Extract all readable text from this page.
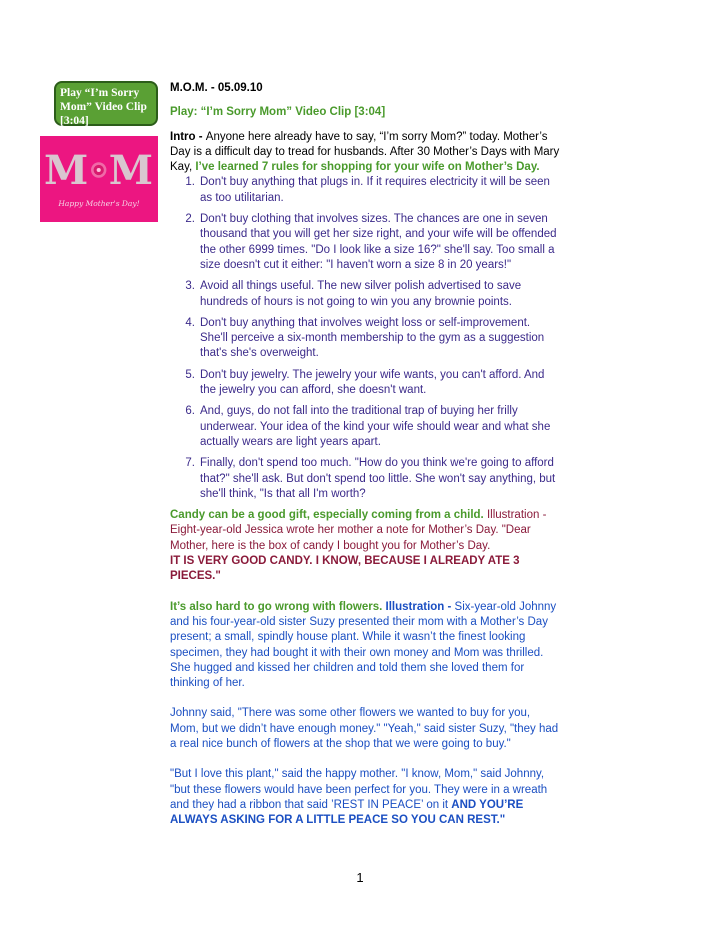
Play “I’m Sorry Mom” Video Clip [3:04]
M M
Happy Mother's Day!

M.O.M. - 05.09.10

Play: “I’m Sorry Mom” Video Clip [3:04]

Intro - Anyone here already have to say, “I’m sorry Mom?” today. Mother’s Day is a difficult day to tread for husbands. After 30 Mother’s Days with Mary Kay, I’ve learned 7 rules for shopping for your wife on Mother’s Day.

1. Don't buy anything that plugs in. If it requires electricity it will be seen as too utilitarian.
2. Don't buy clothing that involves sizes. The chances are one in seven thousand that you will get her size right, and your wife will be offended the other 6999 times. "Do I look like a size 16?" she'll say. Too small a size doesn't cut it either: "I haven't worn a size 8 in 20 years!"
3. Avoid all things useful. The new silver polish advertised to save hundreds of hours is not going to win you any brownie points.
4. Don't buy anything that involves weight loss or self-improvement. She'll perceive a six-month membership to the gym as a suggestion that's she's overweight.
5. Don't buy jewelry. The jewelry your wife wants, you can't afford. And the jewelry you can afford, she doesn't want.
6. And, guys, do not fall into the traditional trap of buying her frilly underwear. Your idea of the kind your wife should wear and what she actually wears are light years apart.
7. Finally, don't spend too much. "How do you think we're going to afford that?" she'll ask. But don't spend too little. She won't say anything, but she'll think, "Is that all I'm worth?

Candy can be a good gift, especially coming from a child. Illustration - Eight-year-old Jessica wrote her mother a note for Mother’s Day. "Dear Mother, here is the box of candy I bought you for Mother’s Day.
IT IS VERY GOOD CANDY. I KNOW, BECAUSE I ALREADY ATE 3 PIECES."

It’s also hard to go wrong with flowers. Illustration - Six-year-old Johnny and his four-year-old sister Suzy presented their mom with a Mother’s Day present; a small, spindly house plant. While it wasn’t the finest looking specimen, they had bought it with their own money and Mom was thrilled. She hugged and kissed her children and told them she loved them for thinking of her.

Johnny said, "There was some other flowers we wanted to buy for you, Mom, but we didn’t have enough money." "Yeah," said sister Suzy, "they had a real nice bunch of flowers at the shop that we were going to buy."

"But I love this plant," said the happy mother. "I know, Mom," said Johnny, "but these flowers would have been perfect for you. They were in a wreath and they had a ribbon that said ’REST IN PEACE’ on it AND YOU’RE ALWAYS ASKING FOR A LITTLE PEACE SO YOU CAN REST."

1
